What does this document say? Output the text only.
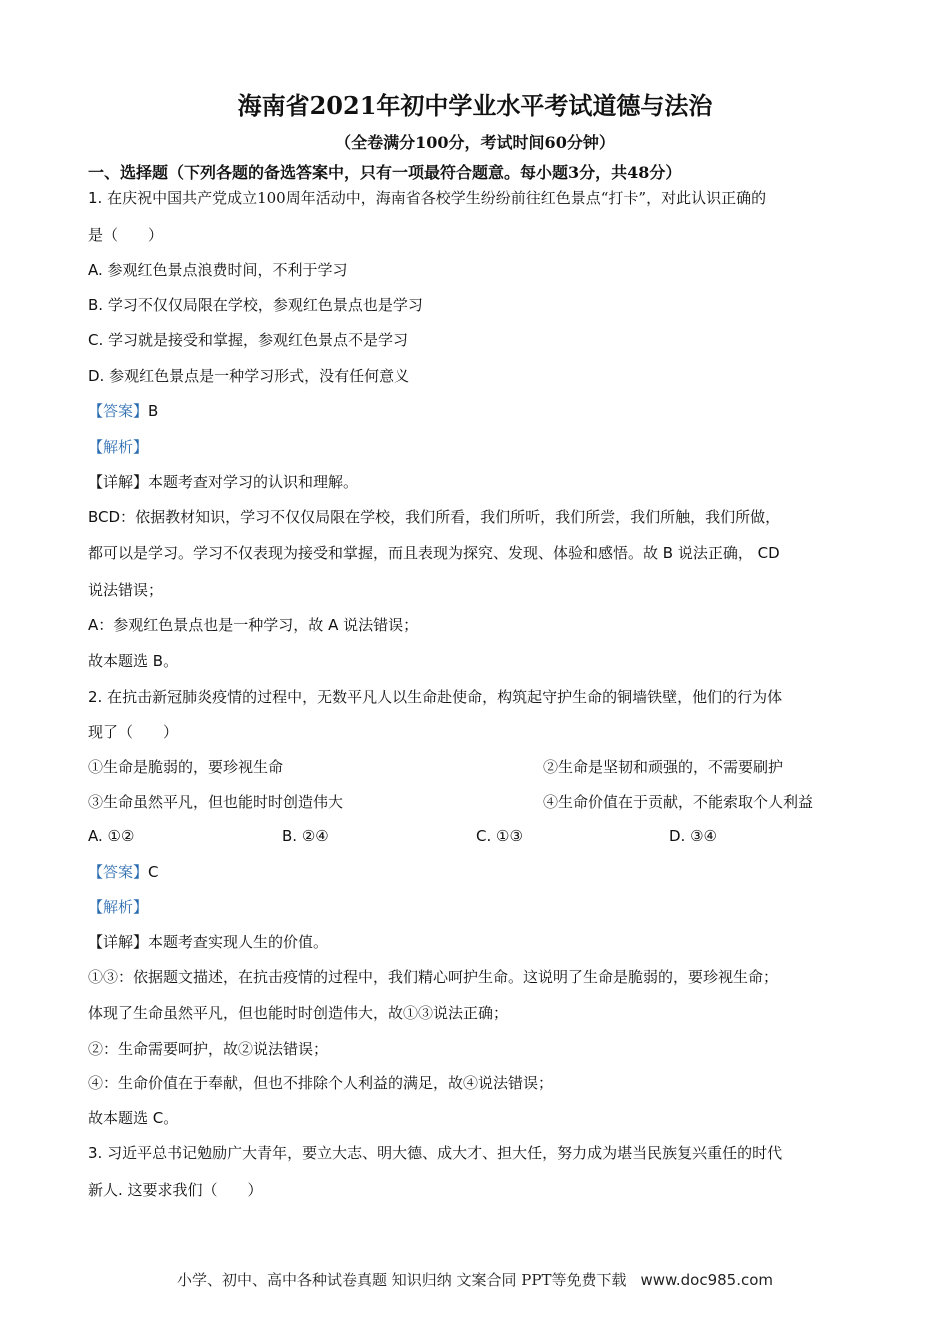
海南省2021年初中学业水平考试道德与法治
（全卷满分100分，考试时间60分钟）
一、选择题（下列各题的备选答案中，只有一项最符合题意。每小题3分，共48分）
1. 在庆祝中国共产党成立100周年活动中，海南省各校学生纷纷前往红色景点“打卡”，对此认识正确的
是（　　）
A. 参观红色景点浪费时间，不利于学习
B. 学习不仅仅局限在学校，参观红色景点也是学习
C. 学习就是接受和掌握，参观红色景点不是学习
D. 参观红色景点是一种学习形式，没有任何意义
【答案】B
【解析】
【详解】本题考查对学习的认识和理解。
BCD：依据教材知识，学习不仅仅局限在学校，我们所看，我们所听，我们所尝，我们所触，我们所做，
都可以是学习。学习不仅表现为接受和掌握，而且表现为探究、发现、体验和感悟。故 B 说法正确， CD
说法错误；
A：参观红色景点也是一种学习，故 A 说法错误；
故本题选 B。
2. 在抗击新冠肺炎疫情的过程中，无数平凡人以生命赴使命，构筑起守护生命的铜墙铁壁，他们的行为体
现了（　　）
①生命是脆弱的，要珍视生命	②生命是坚韧和顽强的，不需要刷护
③生命虽然平凡，但也能时时创造伟大	④生命价值在于贡献，不能索取个人利益
A. ①②	B. ②④	C. ①③	D. ③④
【答案】C
【解析】
【详解】本题考查实现人生的价值。
①③：依据题文描述，在抗击疫情的过程中，我们精心呵护生命。这说明了生命是脆弱的，要珍视生命；
体现了生命虽然平凡，但也能时时创造伟大，故①③说法正确；
②：生命需要呵护，故②说法错误；
④：生命价值在于奉献，但也不排除个人利益的满足，故④说法错误；
故本题选 C。
3. 习近平总书记勉励广大青年，要立大志、明大德、成大才、担大任，努力成为堪当民族复兴重任的时代
新人. 这要求我们（　　）
小学、初中、高中各种试卷真题 知识归纳 文案合同 PPT等免费下载 www.doc985.com
